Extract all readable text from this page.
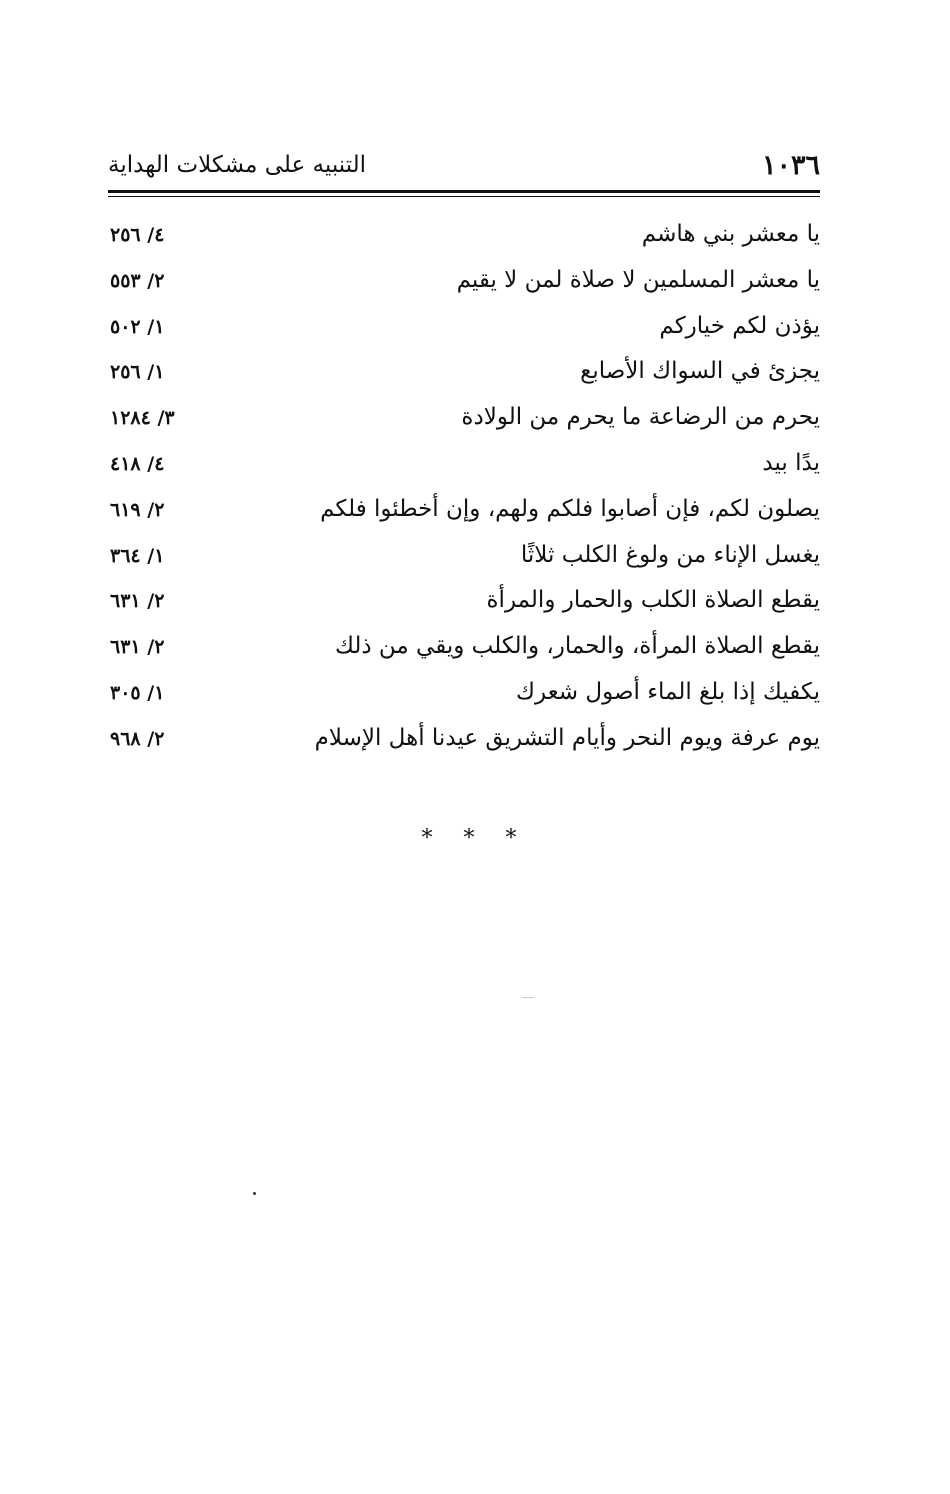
١٠٣٦
التنبيه على مشكلات الهداية
يا معشر بني هاشم
٤/ ٢٥٦
يا معشر المسلمين لا صلاة لمن لا يقيم
٢/ ٥٥٣
يؤذن لكم خياركم
١/ ٥٠٢
يجزئ في السواك الأصابع
١/ ٢٥٦
يحرم من الرضاعة ما يحرم من الولادة
٣/ ١٢٨٤
يدًا بيد
٤/ ٤١٨
يصلون لكم، فإن أصابوا فلكم ولهم، وإن أخطئوا فلكم
٢/ ٦١٩
يغسل الإناء من ولوغ الكلب ثلاثًا
١/ ٣٦٤
يقطع الصلاة الكلب والحمار والمرأة
٢/ ٦٣١
يقطع الصلاة المرأة، والحمار، والكلب ويقي من ذلك
٢/ ٦٣١
يكفيك إذا بلغ الماء أصول شعرك
١/ ٣٠٥
يوم عرفة ويوم النحر وأيام التشريق عيدنا أهل الإسلام
٢/ ٩٦٨
* * *
